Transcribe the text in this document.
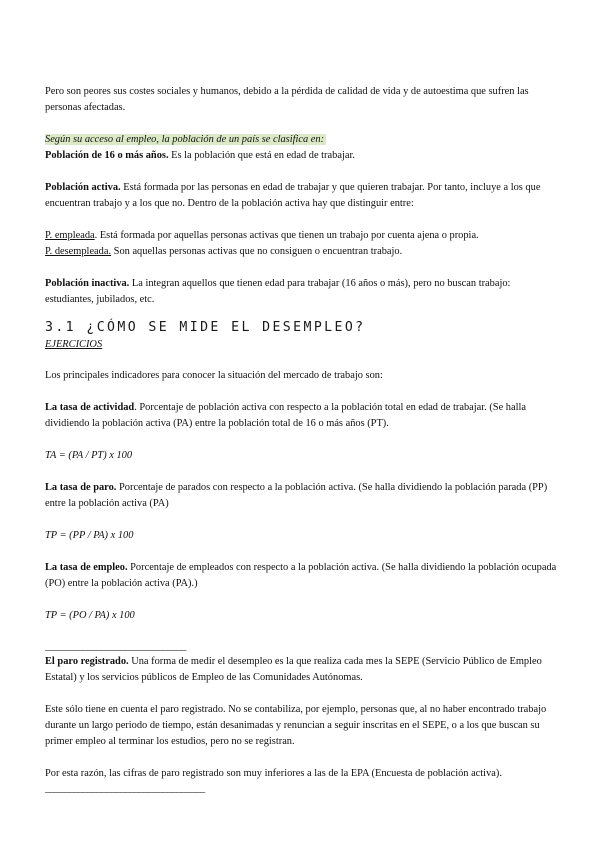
Pero son peores sus costes sociales y humanos, debido a la pérdida de calidad de vida y de autoestima que sufren las personas afectadas.

Según su acceso al empleo, la población de un país se clasifica en:

Población de 16 o más años. Es la población que está en edad de trabajar.

Población activa. Está formada por las personas en edad de trabajar y que quieren trabajar. Por tanto, incluye a los que encuentran trabajo y a los que no. Dentro de la población activa hay que distinguir entre:

P. empleada. Está formada por aquellas personas activas que tienen un trabajo por cuenta ajena o propia.

P. desempleada. Son aquellas personas activas que no consiguen o encuentran trabajo.

Población inactiva. La integran aquellos que tienen edad para trabajar (16 años o más), pero no buscan trabajo: estudiantes, jubilados, etc.

3.1 ¿CÓMO SE MIDE EL DESEMPLEO?

EJERCICIOS

Los principales indicadores para conocer la situación del mercado de trabajo son:

La tasa de actividad. Porcentaje de población activa con respecto a la población total en edad de trabajar. (Se halla dividiendo la población activa (PA) entre la población total de 16 o más años (PT).

TA = (PA / PT) x 100

La tasa de paro. Porcentaje de parados con respecto a la población activa. (Se halla dividiendo la población parada (PP) entre la población activa (PA)

TP = (PP / PA) x 100

La tasa de empleo. Porcentaje de empleados con respecto a la población activa. (Se halla dividiendo la población ocupada (PO) entre la población activa (PA).)

TP = (PO / PA) x 100

______________________________

El paro registrado. Una forma de medir el desempleo es la que realiza cada mes la SEPE (Servicio Público de Empleo Estatal) y los servicios públicos de Empleo de las Comunidades Autónomas.

Este sólo tiene en cuenta el paro registrado. No se contabiliza, por ejemplo, personas que, al no haber encontrado trabajo durante un largo periodo de tiempo, están desanimadas y renuncian a seguir inscritas en el SEPE, o a los que buscan su primer empleo al terminar los estudios, pero no se registran.

Por esta razón, las cifras de paro registrado son muy inferiores a las de la EPA (Encuesta de población activa).

__________________________________
